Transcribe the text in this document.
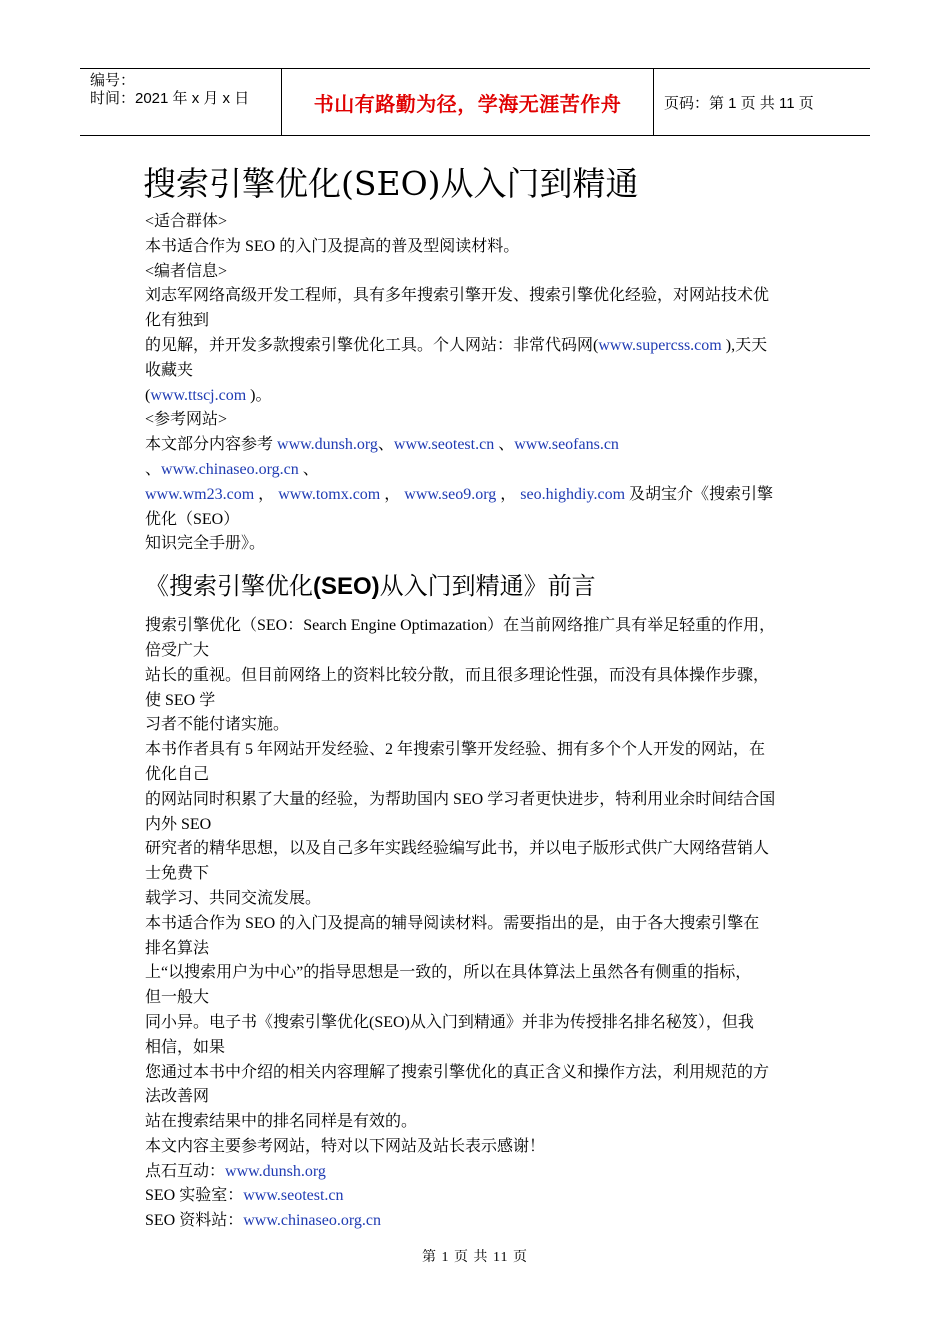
编号：
时间：2021 年 x 月 x 日	书山有路勤为径，学海无涯苦作舟	页码：第 1 页 共 11 页
搜索引擎优化(SEO)从入门到精通
<适合群体>
本书适合作为 SEO 的入门及提高的普及型阅读材料。
<编者信息>
刘志军网络高级开发工程师，具有多年搜索引擎开发、搜索引擎优化经验，对网站技术优
化有独到
的见解，并开发多款搜索引擎优化工具。个人网站：非常代码网(www.supercss.com ),天天
收藏夹
(www.ttscj.com )。
<参考网站>
本文部分内容参考 www.dunsh.org、www.seotest.cn 、www.seofans.cn
、www.chinaseo.org.cn 、
www.wm23.com ， www.tomx.com ， www.seo9.org ， seo.highdiy.com 及胡宝介《搜索引擎
优化（SEO）
知识完全手册》。
《搜索引擎优化(SEO)从入门到精通》前言
搜索引擎优化（SEO：Search Engine Optimazation）在当前网络推广具有举足轻重的作用，
倍受广大
站长的重视。但目前网络上的资料比较分散，而且很多理论性强，而没有具体操作步骤，
使 SEO 学
习者不能付诸实施。
本书作者具有 5 年网站开发经验、2 年搜索引擎开发经验、拥有多个个人开发的网站，在
优化自己
的网站同时积累了大量的经验，为帮助国内 SEO 学习者更快进步，特利用业余时间结合国
内外 SEO
研究者的精华思想，以及自己多年实践经验编写此书，并以电子版形式供广大网络营销人
士免费下
载学习、共同交流发展。
本书适合作为 SEO 的入门及提高的辅导阅读材料。需要指出的是，由于各大搜索引擎在
排名算法
上“以搜索用户为中心”的指导思想是一致的，所以在具体算法上虽然各有侧重的指标，
但一般大
同小异。电子书《搜索引擎优化(SEO)从入门到精通》并非为传授排名排名秘笈），但我
相信，如果
您通过本书中介绍的相关内容理解了搜索引擎优化的真正含义和操作方法，利用规范的方
法改善网
站在搜索结果中的排名同样是有效的。
本文内容主要参考网站，特对以下网站及站长表示感谢！
点石互动：www.dunsh.org
SEO 实验室：www.seotest.cn
SEO 资料站：www.chinaseo.org.cn
第 1 页 共 11 页
